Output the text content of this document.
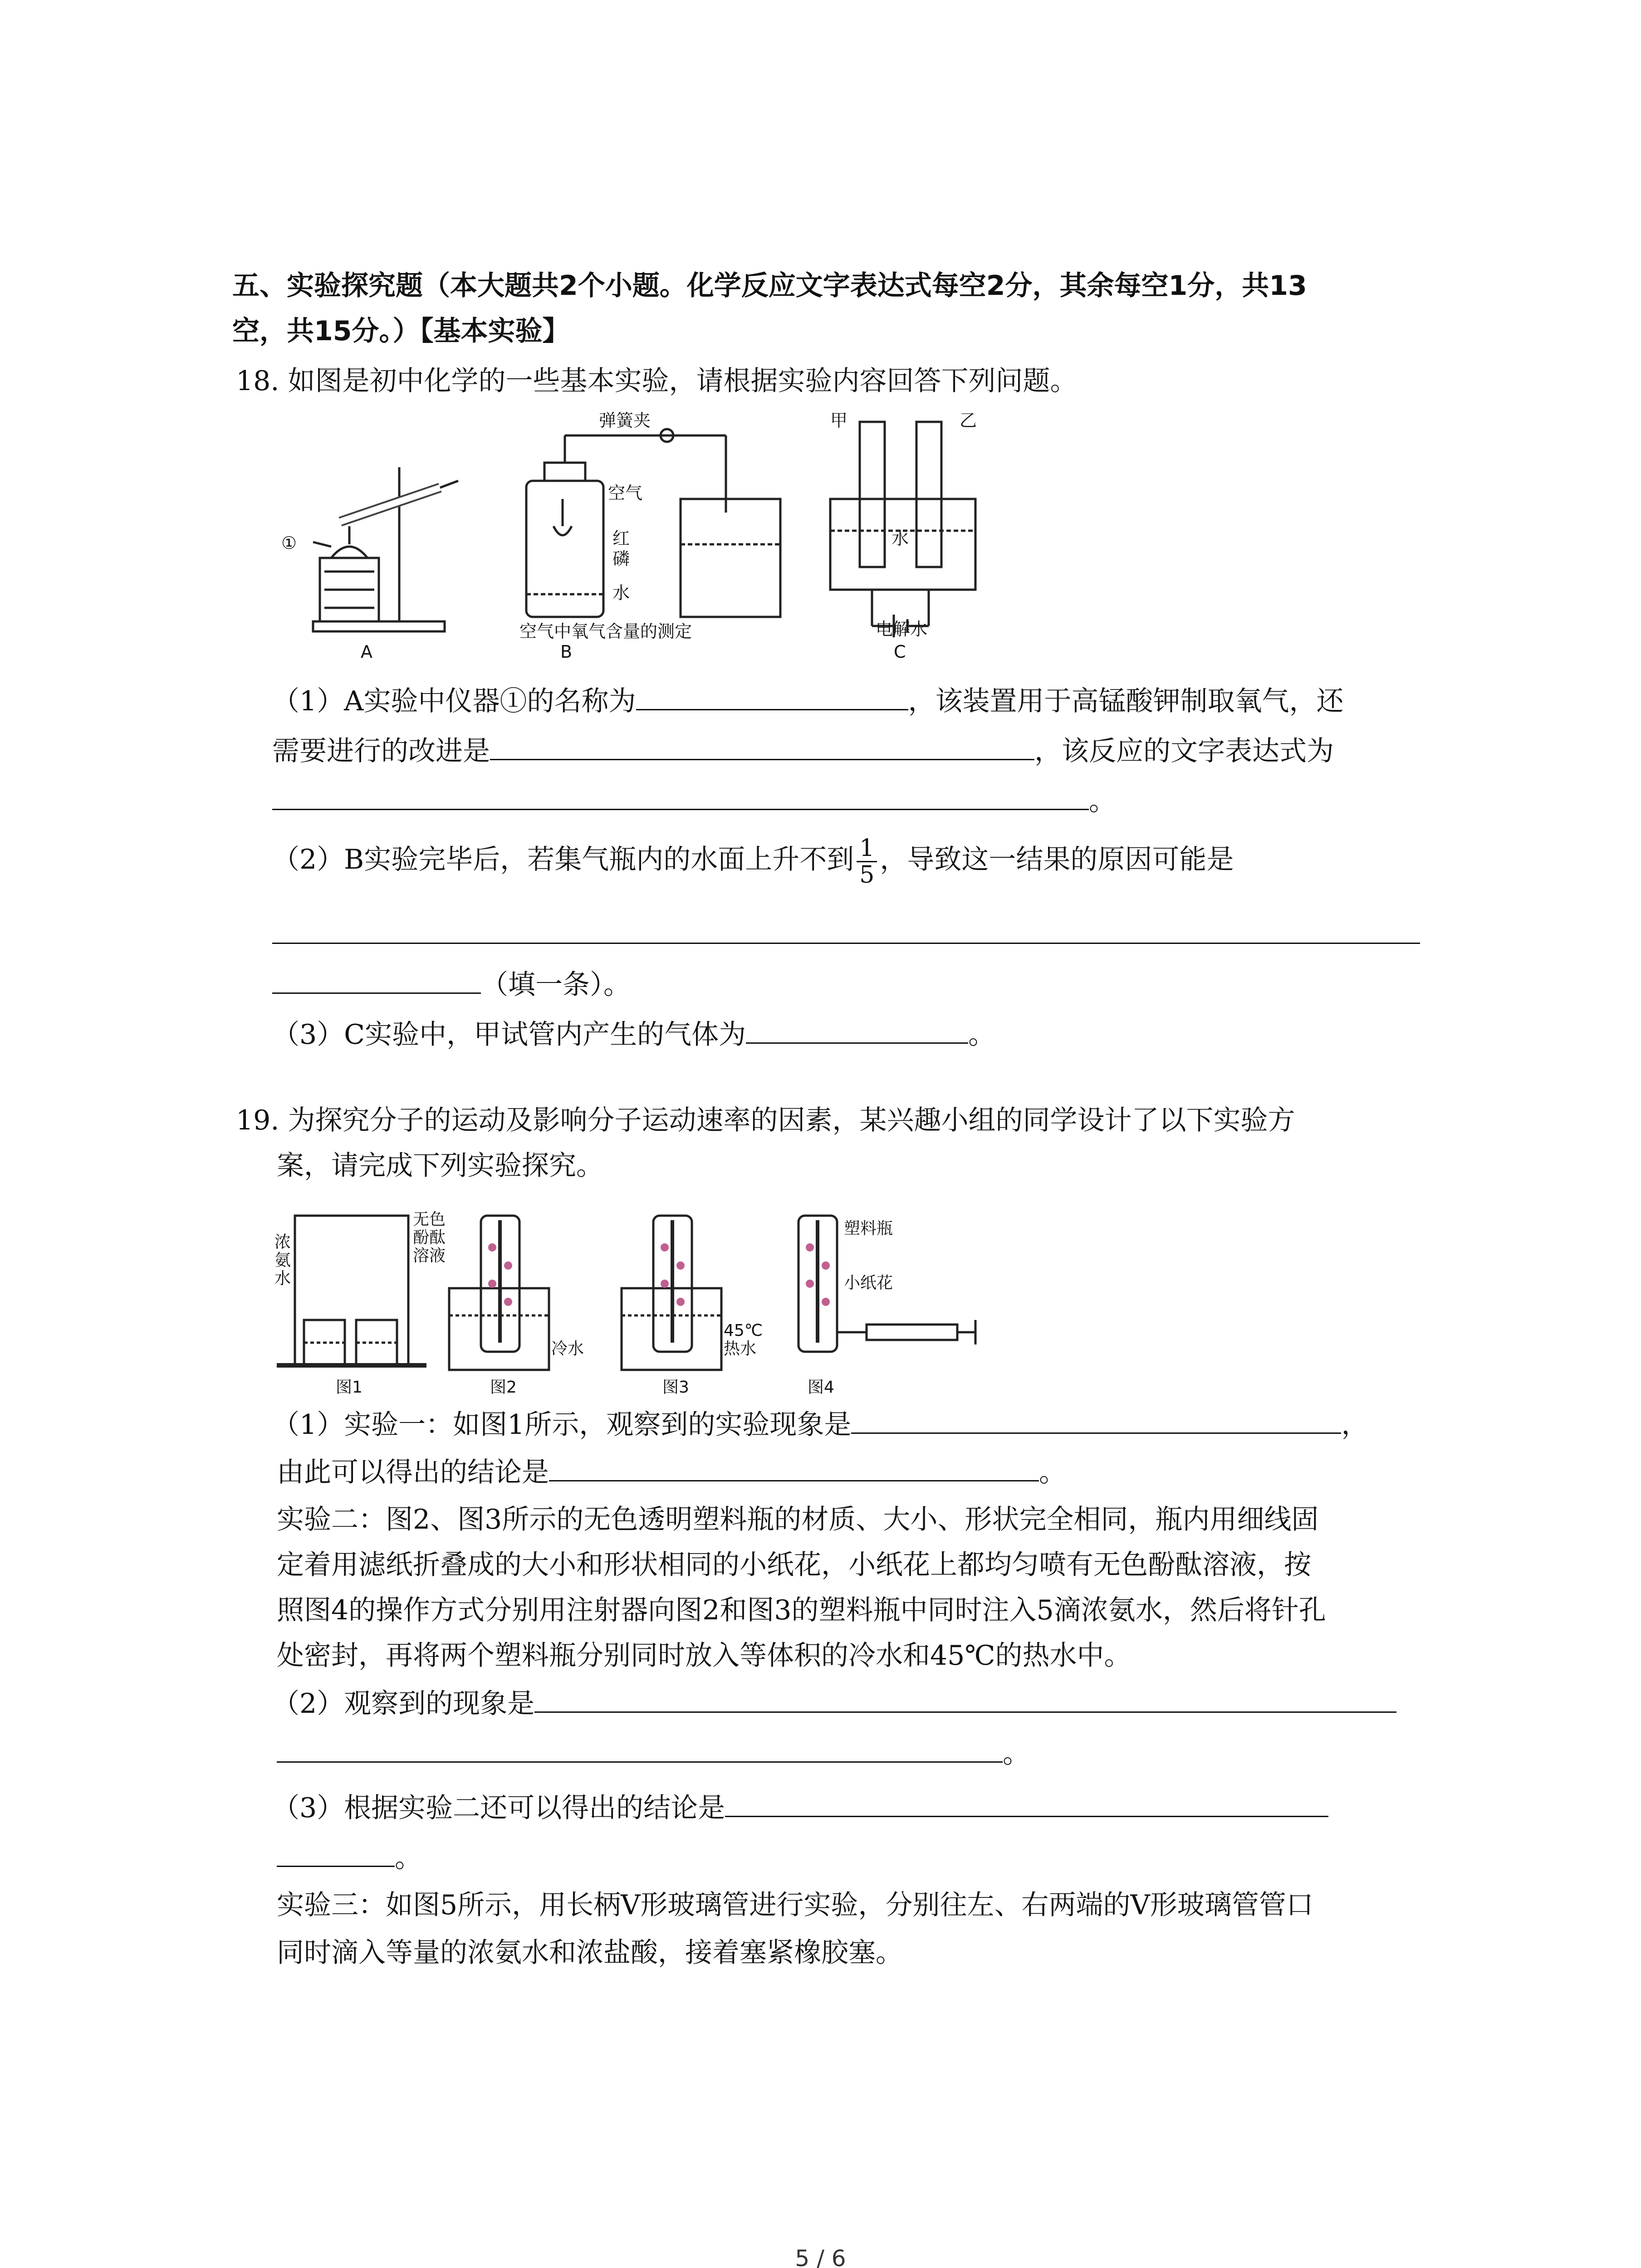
五、实验探究题（本大题共2个小题。化学反应文字表达式每空2分，其余每空1分，共13
空，共15分。）【基本实验】
18. 如图是初中化学的一些基本实验，请根据实验内容回答下列问题。
①
A
弹簧夹
空气
红
磷
水
空气中氧气含量的测定
B
甲	乙
水
电解水
C
（1）A实验中仪器①的名称为	，该装置用于高锰酸钾制取氧气，还
需要进行的改进是	，该反应的文字表达式为
。
（2）B实验完毕后，若集气瓶内的水面上升不到 $\frac{1}{5}$ ，导致这一结果的原因可能是
（填一条）。
（3）C实验中，甲试管内产生的气体为	。
19. 为探究分子的运动及影响分子运动速率的因素，某兴趣小组的同学设计了以下实验方
案，请完成下列实验探究。
浓
氨
水
无色
酚酞
溶液
图1
冷水
图2
45℃
热水
图3
塑料瓶
小纸花
图4
（1）实验一：如图1所示，观察到的实验现象是	，
由此可以得出的结论是	。
实验二：图2、图3所示的无色透明塑料瓶的材质、大小、形状完全相同，瓶内用细线固
定着用滤纸折叠成的大小和形状相同的小纸花，小纸花上都均匀喷有无色酚酞溶液，按
照图4的操作方式分别用注射器向图2和图3的塑料瓶中同时注入5滴浓氨水，然后将针孔
处密封，再将两个塑料瓶分别同时放入等体积的冷水和45℃的热水中。
（2）观察到的现象是
。
（3）根据实验二还可以得出的结论是
。
实验三：如图5所示，用长柄V形玻璃管进行实验，分别往左、右两端的V形玻璃管管口
同时滴入等量的浓氨水和浓盐酸，接着塞紧橡胶塞。
5 / 6
